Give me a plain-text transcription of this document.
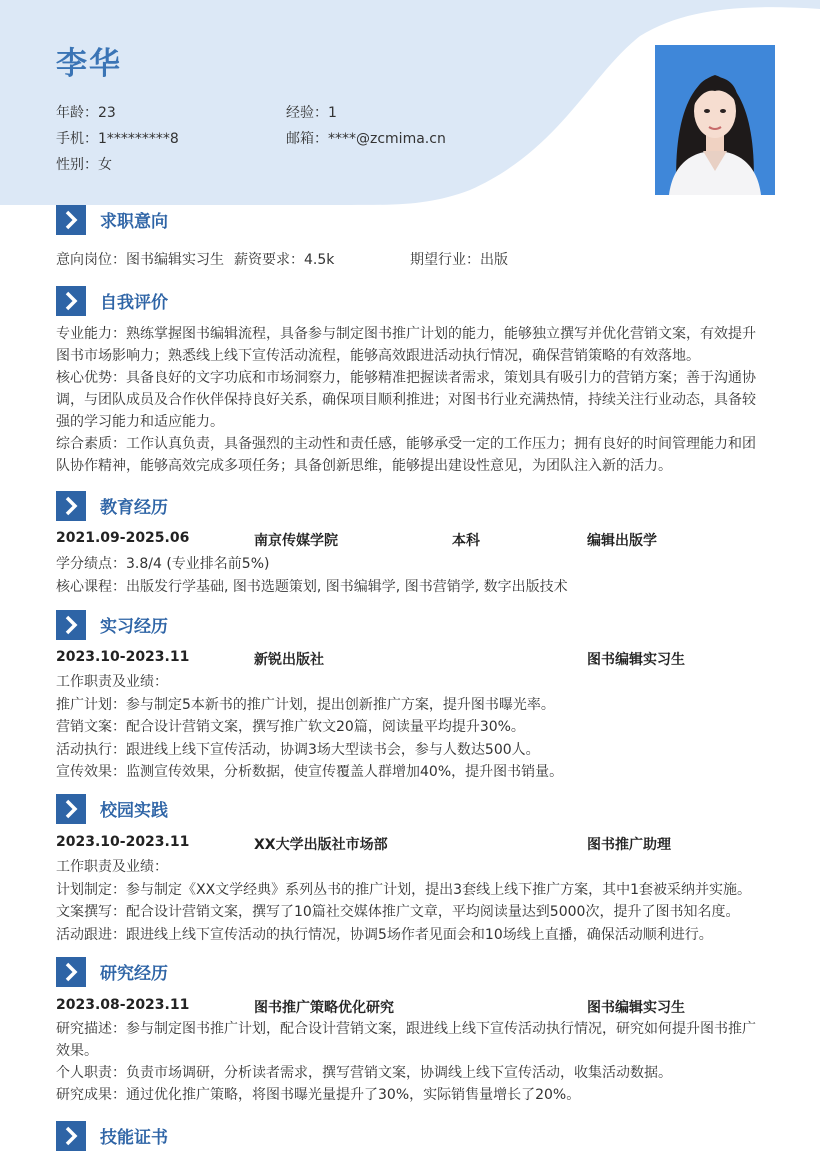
李华
年龄：23	经验：1
手机：1*********8	邮箱：****@zcmima.cn
性别：女
求职意向
意向岗位：图书编辑实习生 薪资要求：4.5k	期望行业：出版
自我评价

专业能力：熟练掌握图书编辑流程，具备参与制定图书推广计划的能力，能够独立撰写并优化营销文案，有效提升图书市场影响力；熟悉线上线下宣传活动流程，能够高效跟进活动执行情况，确保营销策略的有效落地。

核心优势：具备良好的文字功底和市场洞察力，能够精准把握读者需求，策划具有吸引力的营销方案；善于沟通协调，与团队成员及合作伙伴保持良好关系，确保项目顺利推进；对图书行业充满热情，持续关注行业动态，具备较强的学习能力和适应能力。

综合素质：工作认真负责，具备强烈的主动性和责任感，能够承受一定的工作压力；拥有良好的时间管理能力和团队协作精神，能够高效完成多项任务；具备创新思维，能够提出建设性意见，为团队注入新的活力。

教育经历
2021.09-2025.06	南京传媒学院	本科	编辑出版学
学分绩点：3.8/4 (专业排名前5%)
核心课程：出版发行学基础, 图书选题策划, 图书编辑学, 图书营销学, 数字出版技术
实习经历
2023.10-2023.11	新锐出版社	图书编辑实习生
工作职责及业绩：
推广计划：参与制定5本新书的推广计划，提出创新推广方案，提升图书曝光率。
营销文案：配合设计营销文案，撰写推广软文20篇，阅读量平均提升30%。
活动执行：跟进线上线下宣传活动，协调3场大型读书会，参与人数达500人。
宣传效果：监测宣传效果，分析数据，使宣传覆盖人群增加40%，提升图书销量。
校园实践
2023.10-2023.11	XX大学出版社市场部	图书推广助理
工作职责及业绩：
计划制定：参与制定《XX文学经典》系列丛书的推广计划，提出3套线上线下推广方案，其中1套被采纳并实施。
文案撰写：配合设计营销文案，撰写了10篇社交媒体推广文章，平均阅读量达到5000次，提升了图书知名度。
活动跟进：跟进线上线下宣传活动的执行情况，协调5场作者见面会和10场线上直播，确保活动顺利进行。
研究经历
2023.08-2023.11	图书推广策略优化研究	图书编辑实习生

研究描述：参与制定图书推广计划，配合设计营销文案，跟进线上线下宣传活动执行情况，研究如何提升图书推广效果。

个人职责：负责市场调研，分析读者需求，撰写营销文案，协调线上线下宣传活动，收集活动数据。

研究成果：通过优化推广策略，将图书曝光量提升了30%，实际销售量增长了20%。

技能证书
